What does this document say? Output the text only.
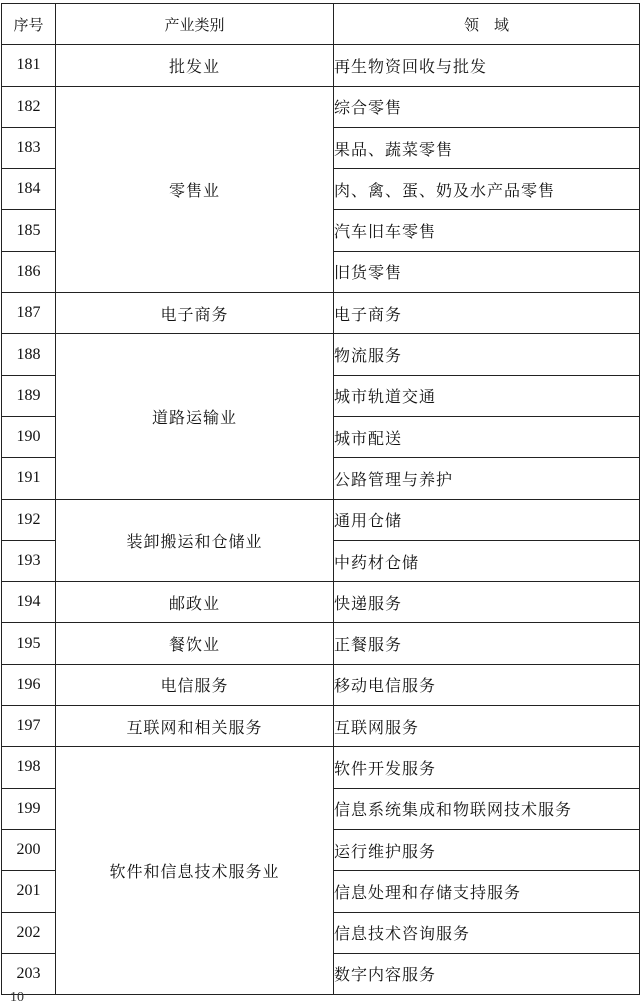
序号	产业类别	领　域
181	批发业	再生物资回收与批发
182	零售业	综合零售
183		果品、蔬菜零售
184		肉、禽、蛋、奶及水产品零售
185		汽车旧车零售
186		旧货零售
187	电子商务	电子商务
188	道路运输业	物流服务
189		城市轨道交通
190		城市配送
191		公路管理与养护
192	装卸搬运和仓储业	通用仓储
193		中药材仓储
194	邮政业	快递服务
195	餐饮业	正餐服务
196	电信服务	移动电信服务
197	互联网和相关服务	互联网服务
198	软件和信息技术服务业	软件开发服务
199		信息系统集成和物联网技术服务
200		运行维护服务
201		信息处理和存储支持服务
202		信息技术咨询服务
203		数字内容服务
10
